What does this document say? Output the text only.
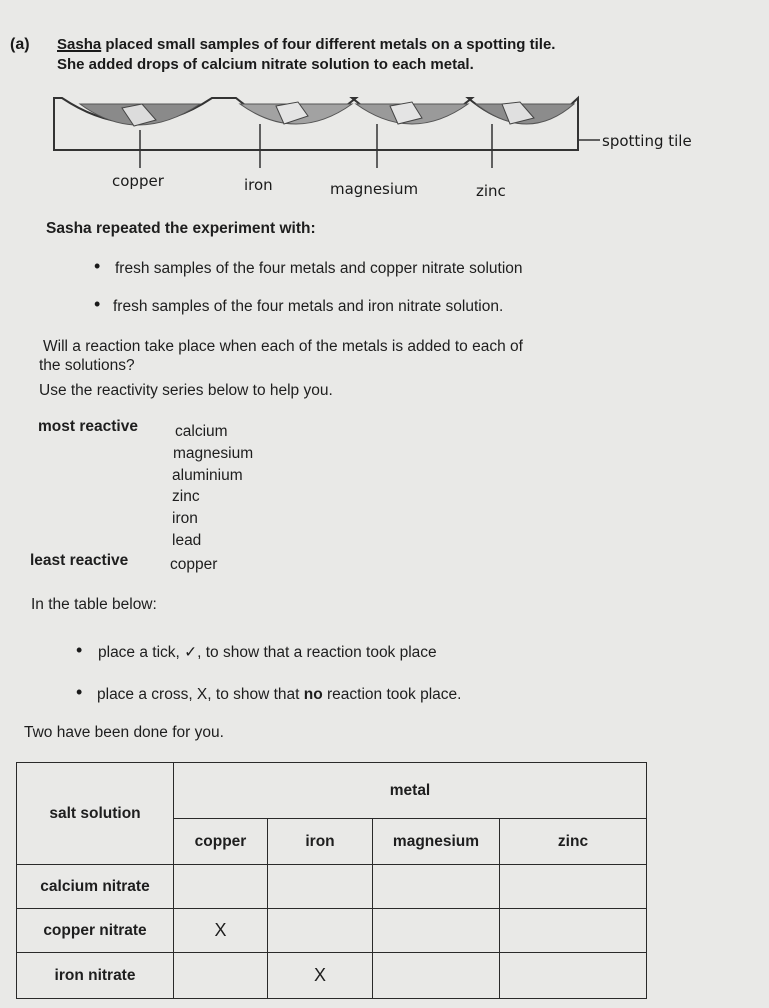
(a) Sasha placed small samples of four different metals on a spotting tile.
She added drops of calcium nitrate solution to each metal.
spotting tile
copper	iron	magnesium	zinc
Sasha repeated the experiment with:
• fresh samples of the four metals and copper nitrate solution
• fresh samples of the four metals and iron nitrate solution.
Will a reaction take place when each of the metals is added to each of
the solutions?
Use the reactivity series below to help you.
most reactive calcium
magnesium
aluminium
zinc
iron
lead
least reactive	copper
In the table below:
• place a tick, ✓, to show that a reaction took place
• place a cross, X, to show that no reaction took place.
Two have been done for you.
salt solution	metal			
	copper	iron	magnesium	zinc
calcium nitrate				
copper nitrate	X			
iron nitrate		X		
